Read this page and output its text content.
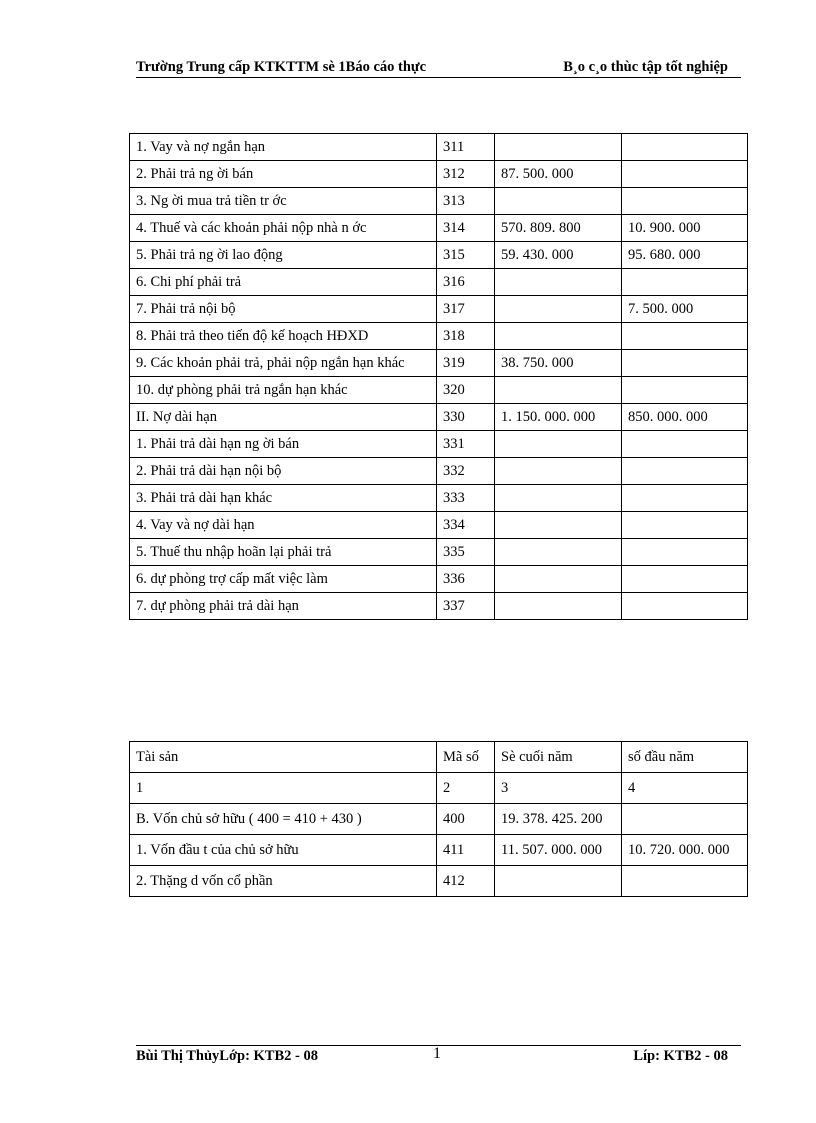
Trường Trung cấp KTKTTM sè 1Báo cáo thực	B¸o c¸o thùc tập tốt nghiệp
1. Vay và nợ ngắn hạn	311		
2. Phải trả ng ời bán	312	87. 500. 000	
3. Ng ời mua trả tiền tr ớc	313		
4. Thuế và các khoản phải nộp nhà n ớc	314	570. 809. 800	10. 900. 000
5. Phải trả ng ời lao động	315	59. 430. 000	95. 680. 000
6. Chi phí phải trả	316		
7. Phải trả nội bộ	317		7. 500. 000
8. Phải trả theo tiến độ kế hoạch HĐXD	318		
9. Các khoản phải trả, phải nộp ngắn hạn khác	319	38. 750. 000	
10. dự phòng phải trả ngắn hạn khác	320		
II. Nợ dài hạn	330	1. 150. 000. 000	850. 000. 000
1. Phải trả dài hạn ng ời bán	331		
2. Phải trả dài hạn nội bộ	332		
3. Phải trả dài hạn khác	333		
4. Vay và nợ dài hạn	334		
5. Thuế thu nhập hoãn lại phải trả	335		
6. dự phòng trợ cấp mất việc làm	336		
7. dự phòng phải trả dài hạn	337		
Tài sản	Mã số	Sè cuối năm	số đầu năm
1	2	3	4
B. Vốn chủ sở hữu ( 400 = 410 + 430 )	400	19. 378. 425. 200	
1. Vốn đầu t của chủ sở hữu	411	11. 507. 000. 000	10. 720. 000. 000
2. Thặng d vốn cổ phần	412		
Bùi Thị ThủyLớp: KTB2 - 08	1	Líp: KTB2 - 08
